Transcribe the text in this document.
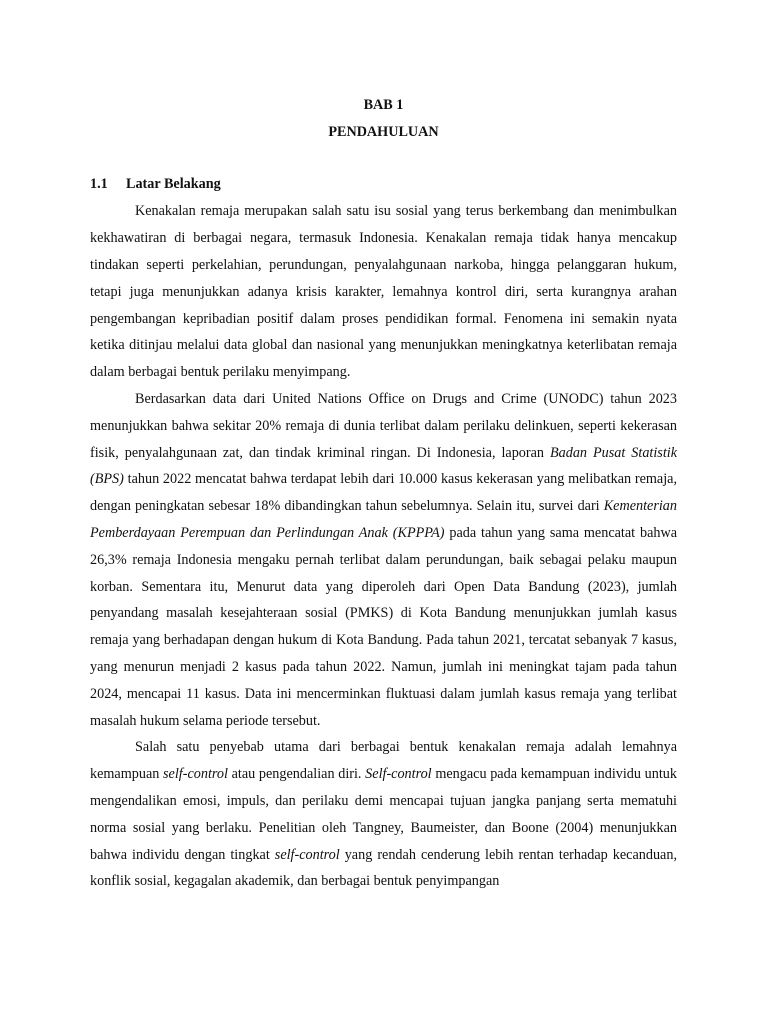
BAB 1

PENDAHULUAN

1.1	Latar Belakang

Kenakalan remaja merupakan salah satu isu sosial yang terus berkembang dan menimbulkan kekhawatiran di berbagai negara, termasuk Indonesia. Kenakalan remaja tidak hanya mencakup tindakan seperti perkelahian, perundungan, penyalahgunaan narkoba, hingga pelanggaran hukum, tetapi juga menunjukkan adanya krisis karakter, lemahnya kontrol diri, serta kurangnya arahan pengembangan kepribadian positif dalam proses pendidikan formal. Fenomena ini semakin nyata ketika ditinjau melalui data global dan nasional yang menunjukkan meningkatnya keterlibatan remaja dalam berbagai bentuk perilaku menyimpang.

Berdasarkan data dari United Nations Office on Drugs and Crime (UNODC) tahun 2023 menunjukkan bahwa sekitar 20% remaja di dunia terlibat dalam perilaku delinkuen, seperti kekerasan fisik, penyalahgunaan zat, dan tindak kriminal ringan. Di Indonesia, laporan Badan Pusat Statistik (BPS) tahun 2022 mencatat bahwa terdapat lebih dari 10.000 kasus kekerasan yang melibatkan remaja, dengan peningkatan sebesar 18% dibandingkan tahun sebelumnya. Selain itu, survei dari Kementerian Pemberdayaan Perempuan dan Perlindungan Anak (KPPPA) pada tahun yang sama mencatat bahwa 26,3% remaja Indonesia mengaku pernah terlibat dalam perundungan, baik sebagai pelaku maupun korban. Sementara itu, Menurut data yang diperoleh dari Open Data Bandung (2023), jumlah penyandang masalah kesejahteraan sosial (PMKS) di Kota Bandung menunjukkan jumlah kasus remaja yang berhadapan dengan hukum di Kota Bandung. Pada tahun 2021, tercatat sebanyak 7 kasus, yang menurun menjadi 2 kasus pada tahun 2022. Namun, jumlah ini meningkat tajam pada tahun 2024, mencapai 11 kasus. Data ini mencerminkan fluktuasi dalam jumlah kasus remaja yang terlibat masalah hukum selama periode tersebut.

Salah satu penyebab utama dari berbagai bentuk kenakalan remaja adalah lemahnya kemampuan self-control atau pengendalian diri. Self-control mengacu pada kemampuan individu untuk mengendalikan emosi, impuls, dan perilaku demi mencapai tujuan jangka panjang serta mematuhi norma sosial yang berlaku. Penelitian oleh Tangney, Baumeister, dan Boone (2004) menunjukkan bahwa individu dengan tingkat self-control yang rendah cenderung lebih rentan terhadap kecanduan, konflik sosial, kegagalan akademik, dan berbagai bentuk penyimpangan
